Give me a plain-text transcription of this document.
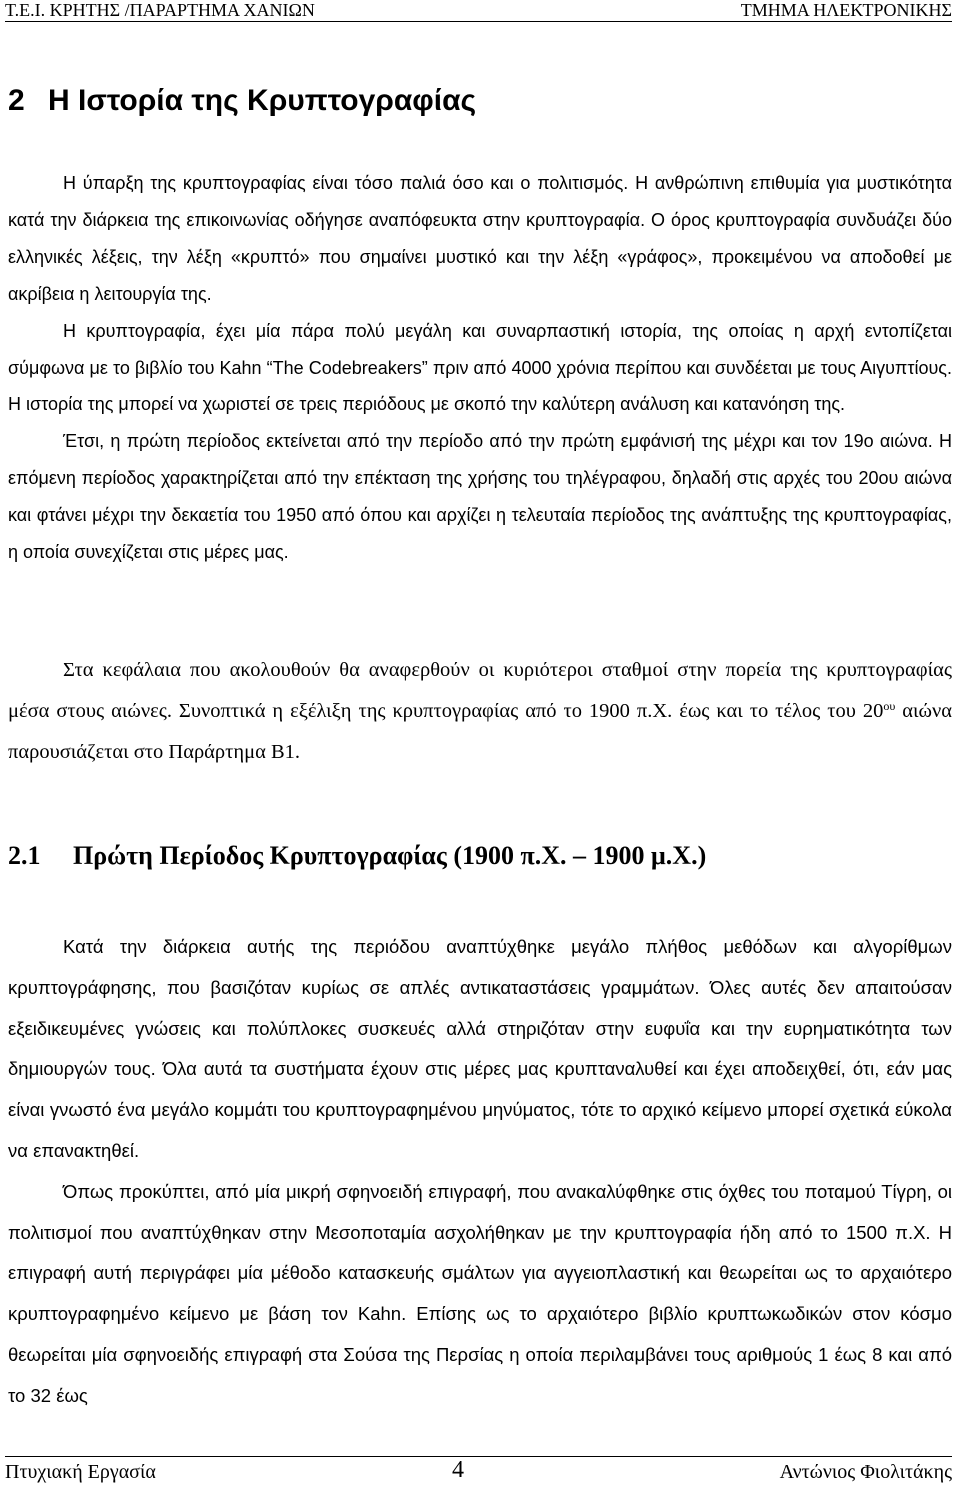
Τ.Ε.Ι. ΚΡΗΤΗΣ /ΠΑΡΑΡΤΗΜΑ ΧΑΝΙΩΝ	ΤΜΗΜΑ ΗΛΕΚΤΡΟΝΙΚΗΣ
2 Η Ιστορία της Κρυπτογραφίας

Η ύπαρξη της κρυπτογραφίας είναι τόσο παλιά όσο και ο πολιτισμός. Η ανθρώπινη επιθυμία για μυστικότητα κατά την διάρκεια της επικοινωνίας οδήγησε αναπόφευκτα στην κρυπτογραφία. Ο όρος κρυπτογραφία συνδυάζει δύο ελληνικές λέξεις, την λέξη «κρυπτό» που σημαίνει μυστικό και την λέξη «γράφος», προκειμένου να αποδοθεί με ακρίβεια η λειτουργία της.

Η κρυπτογραφία, έχει μία πάρα πολύ μεγάλη και συναρπαστική ιστορία, της οποίας η αρχή εντοπίζεται σύμφωνα με το βιβλίο του Kahn “The Codebreakers” πριν από 4000 χρόνια περίπου και συνδέεται με τους Αιγυπτίους. Η ιστορία της μπορεί να χωριστεί σε τρεις περιόδους με σκοπό την καλύτερη ανάλυση και κατανόηση της.

Έτσι, η πρώτη περίοδος εκτείνεται από την περίοδο από την πρώτη εμφάνισή της μέχρι και τον 19ο αιώνα. Η επόμενη περίοδος χαρακτηρίζεται από την επέκταση της χρήσης του τηλέγραφου, δηλαδή στις αρχές του 20ου αιώνα και φτάνει μέχρι την δεκαετία του 1950 από όπου και αρχίζει η τελευταία περίοδος της ανάπτυξης της κρυπτογραφίας, η οποία συνεχίζεται στις μέρες μας.

Στα κεφάλαια που ακολουθούν θα αναφερθούν οι κυριότεροι σταθμοί στην πορεία της κρυπτογραφίας μέσα στους αιώνες. Συνοπτικά η εξέλιξη της κρυπτογραφίας από το 1900 π.Χ. έως και το τέλος του $20^{o\upsilon}$ αιώνα παρουσιάζεται στο Παράρτημα Β1.

2.1 Πρώτη Περίοδος Κρυπτογραφίας (1900 π.Χ. – 1900 μ.Χ.)

Κατά την διάρκεια αυτής της περιόδου αναπτύχθηκε μεγάλο πλήθος μεθόδων και αλγορίθμων κρυπτογράφησης, που βασιζόταν κυρίως σε απλές αντικαταστάσεις γραμμάτων. Όλες αυτές δεν απαιτούσαν εξειδικευμένες γνώσεις και πολύπλοκες συσκευές αλλά στηριζόταν στην ευφυΐα και την ευρηματικότητα των δημιουργών τους. Όλα αυτά τα συστήματα έχουν στις μέρες μας κρυπταναλυθεί και έχει αποδειχθεί, ότι, εάν μας είναι γνωστό ένα μεγάλο κομμάτι του κρυπτογραφημένου μηνύματος, τότε το αρχικό κείμενο μπορεί σχετικά εύκολα να επανακτηθεί.

Όπως προκύπτει, από μία μικρή σφηνοειδή επιγραφή, που ανακαλύφθηκε στις όχθες του ποταμού Τίγρη, οι πολιτισμοί που αναπτύχθηκαν στην Μεσοποταμία ασχολήθηκαν με την κρυπτογραφία ήδη από το 1500 π.Χ. Η επιγραφή αυτή περιγράφει μία μέθοδο κατασκευής σμάλτων για αγγειοπλαστική και θεωρείται ως το αρχαιότερο κρυπτογραφημένο κείμενο με βάση τον Kahn. Επίσης ως το αρχαιότερο βιβλίο κρυπτωκωδικών στον κόσμο θεωρείται μία σφηνοειδής επιγραφή στα Σούσα της Περσίας η οποία περιλαμβάνει τους αριθμούς 1 έως 8 και από το 32 έως

Πτυχιακή Εργασία	4	Αντώνιος Φιολιτάκης
